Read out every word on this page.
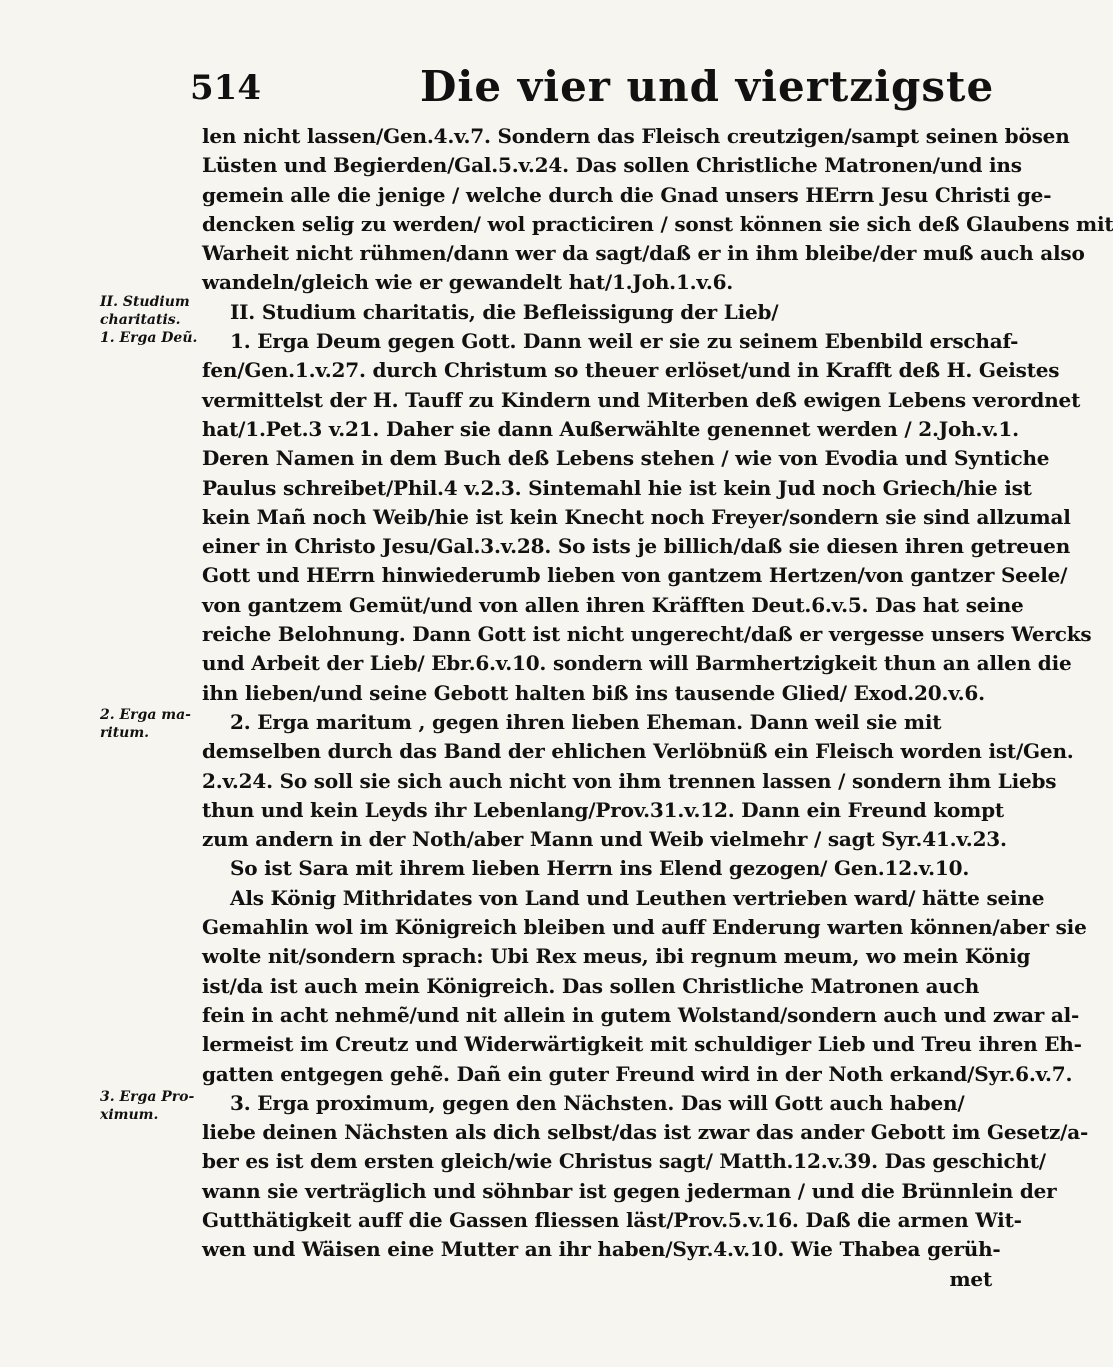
514	Die vier und viertzigste
II. Studium
charitatis.
1. Erga Deũ.
2. Erga ma-
ritum.
3. Erga Pro-
ximum.
len nicht lassen/Gen.4.v.7. Sondern das Fleisch creutzigen/sampt seinen bösen
Lüsten und Begierden/Gal.5.v.24. Das sollen Christliche Matronen/und ins
gemein alle die jenige / welche durch die Gnad unsers HErrn Jesu Christi ge-
dencken selig zu werden/ wol practiciren / sonst können sie sich deß Glaubens mit
Warheit nicht rühmen/dann wer da sagt/daß er in ihm bleibe/der muß auch also
wandeln/gleich wie er gewandelt hat/1.Joh.1.v.6.
II. Studium charitatis, die Befleissigung der Lieb/
1. Erga Deum gegen Gott. Dann weil er sie zu seinem Ebenbild erschaf-
fen/Gen.1.v.27. durch Christum so theuer erlöset/und in Krafft deß H. Geistes
vermittelst der H. Tauff zu Kindern und Miterben deß ewigen Lebens verordnet
hat/1.Pet.3 v.21. Daher sie dann Außerwählte genennet werden / 2.Joh.v.1.
Deren Namen in dem Buch deß Lebens stehen / wie von Evodia und Syntiche
Paulus schreibet/Phil.4 v.2.3. Sintemahl hie ist kein Jud noch Griech/hie ist
kein Mañ noch Weib/hie ist kein Knecht noch Freyer/sondern sie sind allzumal
einer in Christo Jesu/Gal.3.v.28. So ists je billich/daß sie diesen ihren getreuen
Gott und HErrn hinwiederumb lieben von gantzem Hertzen/von gantzer Seele/
von gantzem Gemüt/und von allen ihren Kräfften Deut.6.v.5. Das hat seine
reiche Belohnung. Dann Gott ist nicht ungerecht/daß er vergesse unsers Wercks
und Arbeit der Lieb/ Ebr.6.v.10. sondern will Barmhertzigkeit thun an allen die
ihn lieben/und seine Gebott halten biß ins tausende Glied/ Exod.20.v.6.
2. Erga maritum , gegen ihren lieben Eheman. Dann weil sie mit
demselben durch das Band der ehlichen Verlöbnüß ein Fleisch worden ist/Gen.
2.v.24. So soll sie sich auch nicht von ihm trennen lassen / sondern ihm Liebs
thun und kein Leyds ihr Lebenlang/Prov.31.v.12. Dann ein Freund kompt
zum andern in der Noth/aber Mann und Weib vielmehr / sagt Syr.41.v.23.
So ist Sara mit ihrem lieben Herrn ins Elend gezogen/ Gen.12.v.10.
Als König Mithridates von Land und Leuthen vertrieben ward/ hätte seine
Gemahlin wol im Königreich bleiben und auff Enderung warten können/aber sie
wolte nit/sondern sprach: Ubi Rex meus, ibi regnum meum, wo mein König
ist/da ist auch mein Königreich. Das sollen Christliche Matronen auch
fein in acht nehmẽ/und nit allein in gutem Wolstand/sondern auch und zwar al-
lermeist im Creutz und Widerwärtigkeit mit schuldiger Lieb und Treu ihren Eh-
gatten entgegen gehẽ. Dañ ein guter Freund wird in der Noth erkand/Syr.6.v.7.
3. Erga proximum, gegen den Nächsten. Das will Gott auch haben/
liebe deinen Nächsten als dich selbst/das ist zwar das ander Gebott im Gesetz/a-
ber es ist dem ersten gleich/wie Christus sagt/ Matth.12.v.39. Das geschicht/
wann sie verträglich und söhnbar ist gegen jederman / und die Brünnlein der
Gutthätigkeit auff die Gassen fliessen läst/Prov.5.v.16. Daß die armen Wit-
wen und Wäisen eine Mutter an ihr haben/Syr.4.v.10. Wie Thabea gerüh-
met
